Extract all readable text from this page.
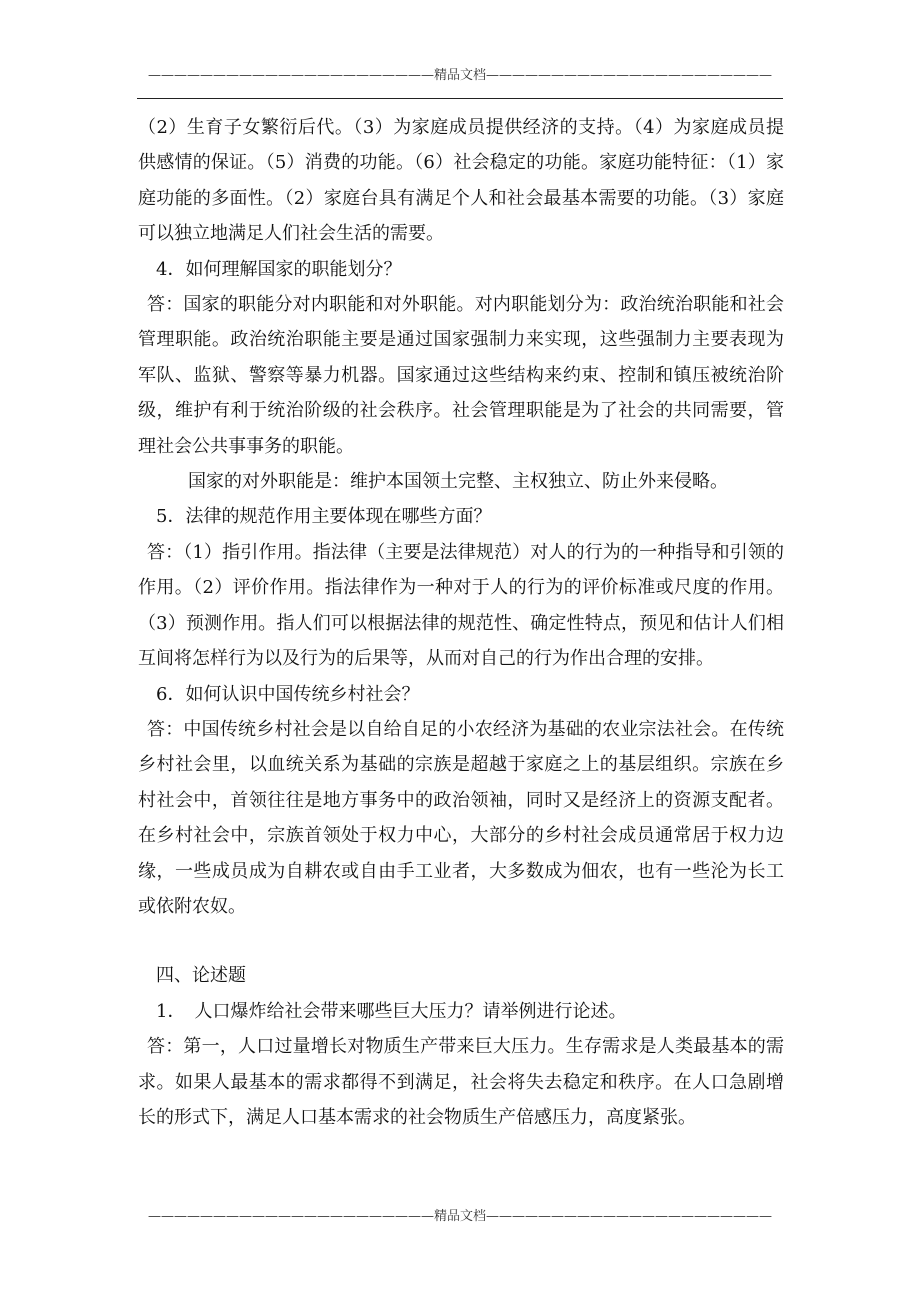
——————————————————————精品文档——————————————————————

（2）生育子女繁衍后代。（3）为家庭成员提供经济的支持。（4）为家庭成员提供感情的保证。（5）消费的功能。（6）社会稳定的功能。家庭功能特征：（1）家庭功能的多面性。（2）家庭台具有满足个人和社会最基本需要的功能。（3）家庭可以独立地满足人们社会生活的需要。

4．如何理解国家的职能划分？

答：国家的职能分对内职能和对外职能。对内职能划分为：政治统治职能和社会管理职能。政治统治职能主要是通过国家强制力来实现，这些强制力主要表现为军队、监狱、警察等暴力机器。国家通过这些结构来约束、控制和镇压被统治阶级，维护有利于统治阶级的社会秩序。社会管理职能是为了社会的共同需要，管理社会公共事事务的职能。

国家的对外职能是：维护本国领土完整、主权独立、防止外来侵略。

5．法律的规范作用主要体现在哪些方面？

答：（1）指引作用。指法律（主要是法律规范）对人的行为的一种指导和引领的作用。（2）评价作用。指法律作为一种对于人的行为的评价标准或尺度的作用。（3）预测作用。指人们可以根据法律的规范性、确定性特点，预见和估计人们相互间将怎样行为以及行为的后果等，从而对自己的行为作出合理的安排。

6．如何认识中国传统乡村社会？

答：中国传统乡村社会是以自给自足的小农经济为基础的农业宗法社会。在传统乡村社会里，以血统关系为基础的宗族是超越于家庭之上的基层组织。宗族在乡村社会中，首领往往是地方事务中的政治领袖，同时又是经济上的资源支配者。在乡村社会中，宗族首领处于权力中心，大部分的乡村社会成员通常居于权力边缘，一些成员成为自耕农或自由手工业者，大多数成为佃农，也有一些沦为长工或依附农奴。

四、论述题

1．　人口爆炸给社会带来哪些巨大压力？请举例进行论述。

答：第一，人口过量增长对物质生产带来巨大压力。生存需求是人类最基本的需求。如果人最基本的需求都得不到满足，社会将失去稳定和秩序。在人口急剧增长的形式下，满足人口基本需求的社会物质生产倍感压力，高度紧张。

——————————————————————精品文档——————————————————————
